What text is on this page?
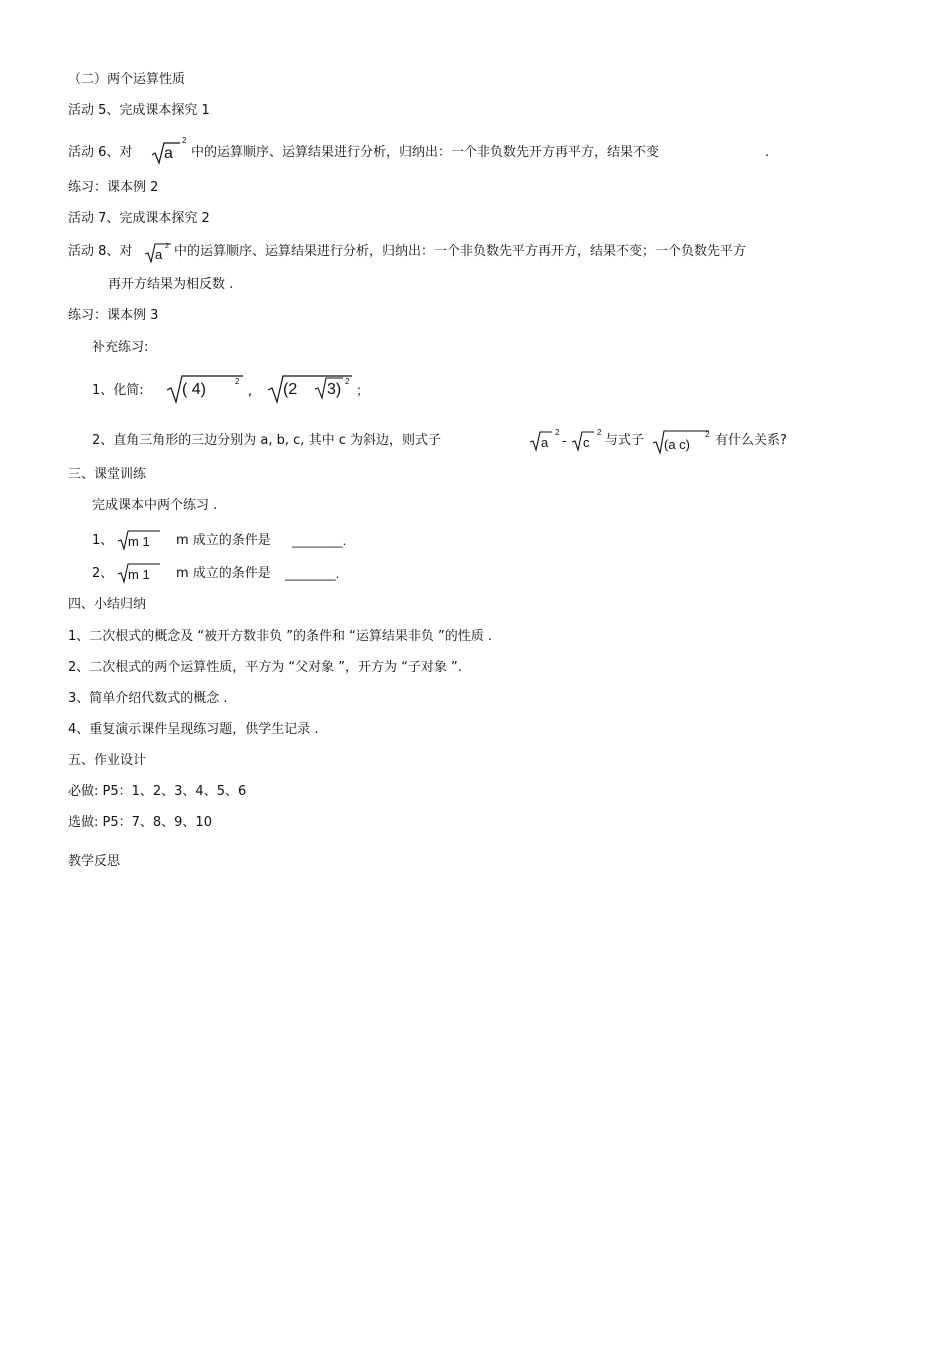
（二）两个运算性质
活动 5、完成课本探究 1
活动 6、对 a
2
中的运算顺序、运算结果进行分析，归纳出：一个非负数先开方再平方，结果不变	.
练习：课本例 2
活动 7、完成课本探究 2
活动 8、对 a
2 中的运算顺序、运算结果进行分析，归纳出：一个非负数先平方再开方，结果不变；一个负数先平方
再开方结果为相反数 .
练习：课本例 3
补充练习:
1、化简: ( 4)	2
, (2 3) 2
；
2、直角三角形的三边分别为 a, b, c, 其中 c 为斜边，则式子	a
2
- c
2
与式子 (a c)
2 有什么关系?
三、课堂训练
完成课本中两个练习 .
1、 m 1 m 成立的条件是 _______.
2、 m 1 m 成立的条件是 _______.
四、小结归纳
1、二次根式的概念及 “被开方数非负 ”的条件和 “运算结果非负 ”的性质 .
2、二次根式的两个运算性质，平方为 “父对象 ”，开方为 “子对象 ”.
3、简单介绍代数式的概念 .
4、重复演示课件呈现练习题，供学生记录 .
五、作业设计
必做: P5：1、2、3、4、5、6
选做: P5：7、8、9、10
教学反思
